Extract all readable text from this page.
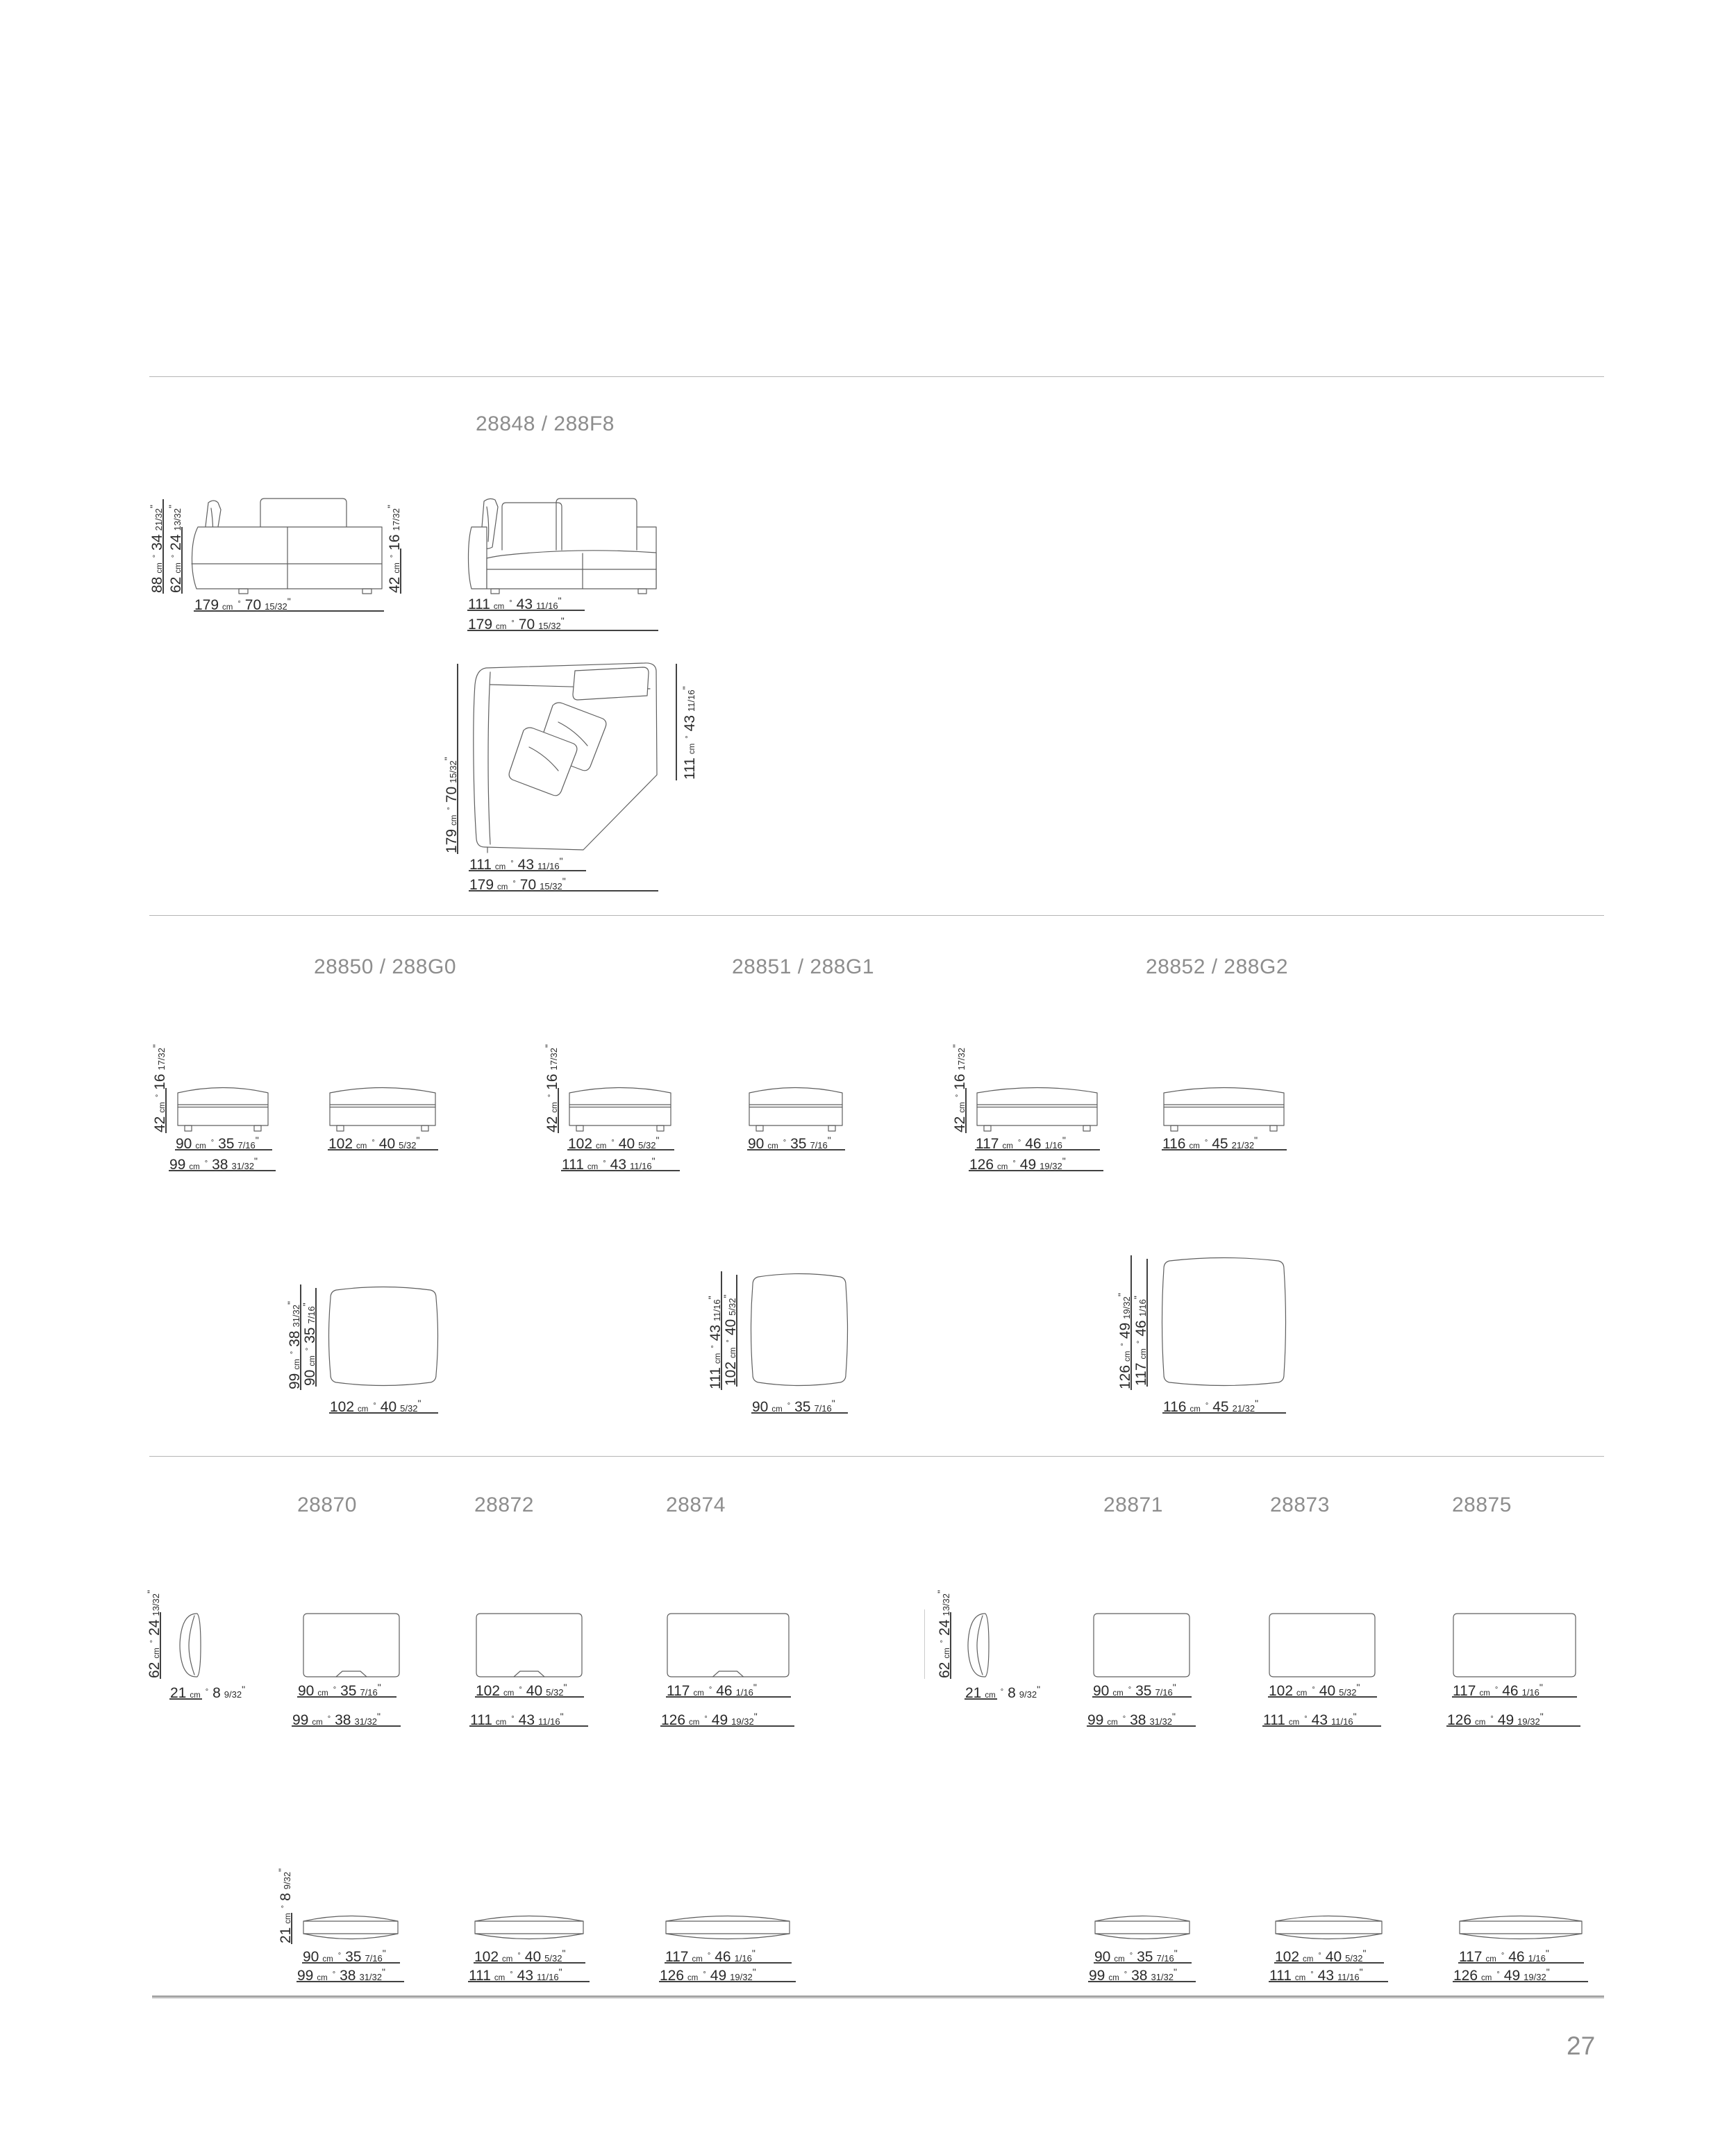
28848 / 288F8
28850 / 288G0	28851 / 288G1	28852 / 288G2
28870	28872	28874	28871	28873	28875
88cm°3421/32"
62cm°2413/32"
42cm°1617/32"
179 cm ° 70 15/32"	111 cm ° 43 11/16"
179 cm ° 70 15/32"
179cm°7015/32"	111cm°4311/16"
111 cm ° 43 11/16"
179 cm ° 70 15/32"
42cm°1617/32"
42cm°1617/32"
42cm°1617/32"
90 cm ° 35 7/16"
99 cm ° 38 31/32"
102 cm ° 40 5/32"	102 cm ° 40 5/32"
111 cm ° 43 11/16"
90 cm ° 35 7/16"	117 cm ° 46 1/16"
126 cm ° 49 19/32"
116 cm ° 45 21/32"
99cm°3831/32"
90cm°357/16"
102 cm ° 40 5/32"
111cm°4311/16"
102cm°405/32"
90 cm ° 35 7/16"
126cm°4919/32"
117cm°461/16"
116 cm ° 45 21/32"
62cm°2413/32"
21 cm ° 8 9/32"	90 cm ° 35 7/16"
99 cm ° 38 31/32"
102 cm ° 40 5/32"
111 cm ° 43 11/16"
117 cm ° 46 1/16"
126 cm ° 49 19/32"
62cm°2413/32"
21 cm ° 8 9/32"	90 cm ° 35 7/16"
99 cm ° 38 31/32"
102 cm ° 40 5/32"
111 cm ° 43 11/16"
117 cm ° 46 1/16"
126 cm ° 49 19/32"
21cm°89/32"
90 cm ° 35 7/16"
99 cm ° 38 31/32"
102 cm ° 40 5/32"
111 cm ° 43 11/16"
117 cm ° 46 1/16"
126 cm ° 49 19/32"
90 cm ° 35 7/16"
99 cm ° 38 31/32"
102 cm ° 40 5/32"
111 cm ° 43 11/16"
117 cm ° 46 1/16"
126 cm ° 49 19/32"
27
